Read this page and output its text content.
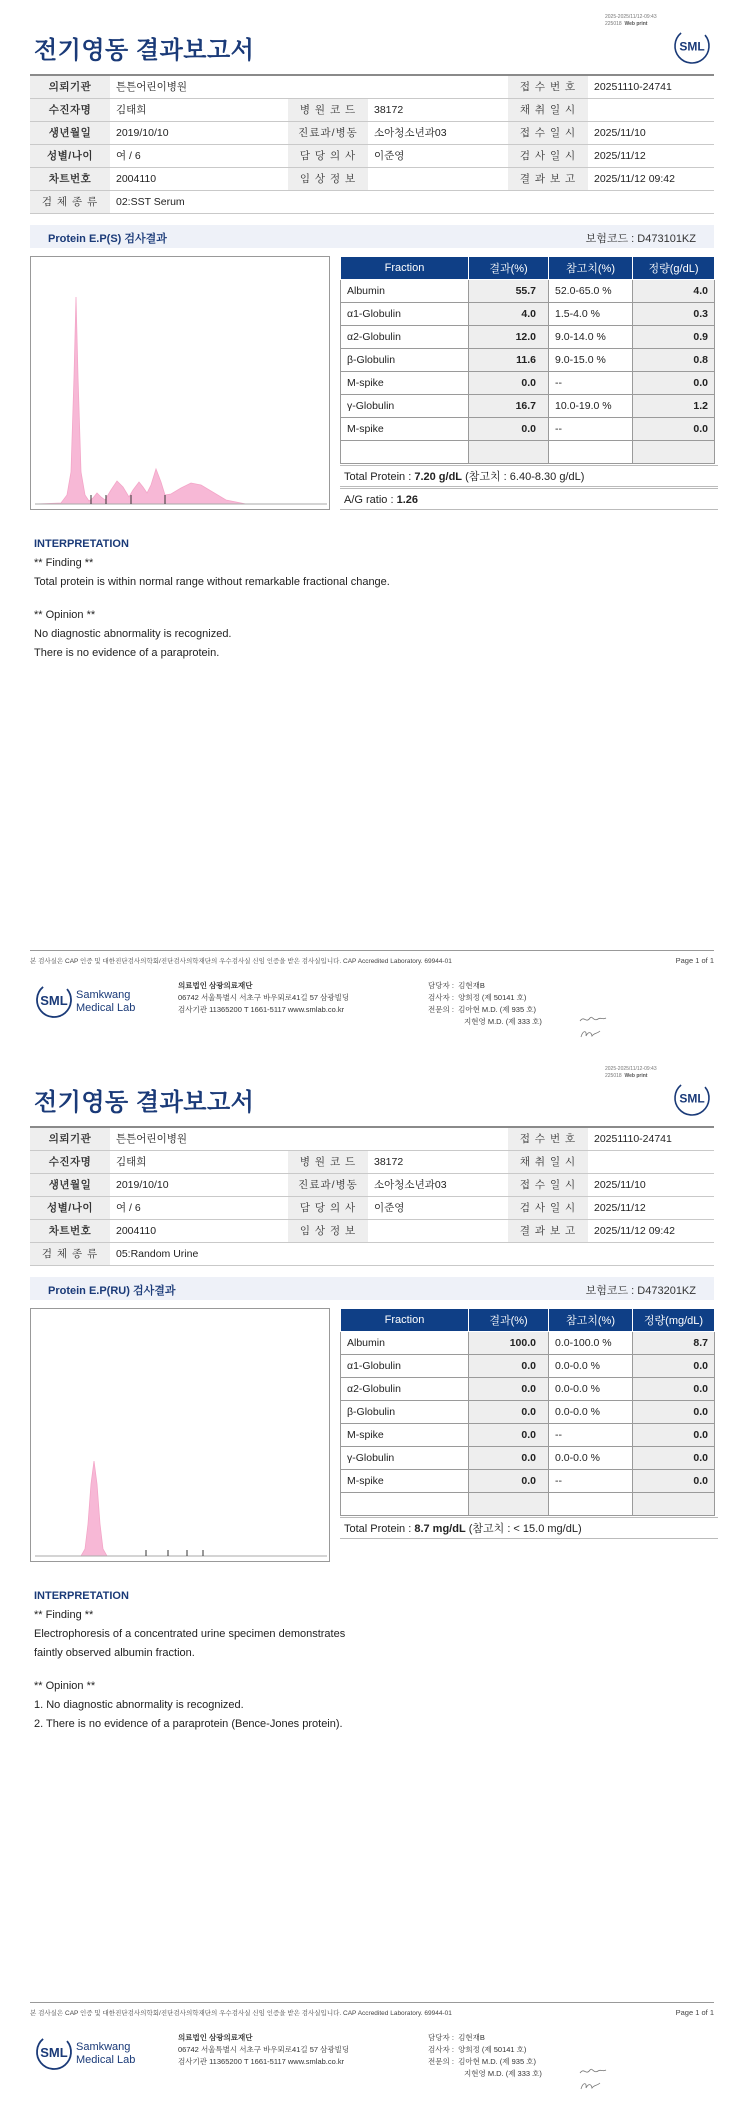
2025-2025/11/12-09:43
225018 Web print
전기영동 결과보고서	SML
의뢰기관	튼튼어린이병원			접 수 번 호	20251110-24741
수진자명	김태희	병 원 코 드	38172	채 취 일 시	
생년월일	2019/10/10	진료과/병동	소아청소년과03	접 수 일 시	2025/11/10
성별/나이	여 / 6	담 당 의 사	이준영	검 사 일 시	2025/11/12
차트번호	2004110	임 상 정 보		결 과 보 고	2025/11/12 09:42
검 체 종 류	02:SST Serum				
Protein E.P(S) 검사결과	보험코드 : D473101KZ
Fraction	결과(%)	참고치(%)	정량(g/dL)
Albumin	55.7	52.0-65.0 %	4.0
α1-Globulin	4.0	1.5-4.0 %	0.3
α2-Globulin	12.0	9.0-14.0 %	0.9
β-Globulin	11.6	9.0-15.0 %	0.8
M-spike	0.0	--	0.0
γ-Globulin	16.7	10.0-19.0 %	1.2
M-spike	0.0	--	0.0

Total Protein : 7.20 g/dL (참고치 : 6.40-8.30 g/dL)
A/G ratio : 1.26
INTERPRETATION
** Finding **
Total protein is within normal range without remarkable fractional change.
** Opinion **
No diagnostic abnormality is recognized.
There is no evidence of a paraprotein.
본 검사실은 CAP 인증 및 대한진단검사의학회/진단검사의학재단의 우수검사실 신임 인증을 받은 검사실입니다. CAP Accredited Laboratory. 69944-01	Page 1 of 1
SML Samkwang
Medical Lab
의료법인 삼광의료재단
06742 서울특별시 서초구 바우뫼로41길 57 삼광빌딩
검사기관 11365200 T 1661-5117 www.smlab.co.kr
담당자 : 김현재B
검사자 : 양희정 (제 50141 호)
전문의 : 김아현 M.D. (제 935 호)
지현영 M.D. (제 333 호)
2025-2025/11/12-09:43
225018 Web print
전기영동 결과보고서	SML
의뢰기관	튼튼어린이병원			접 수 번 호	20251110-24741
수진자명	김태희	병 원 코 드	38172	채 취 일 시	
생년월일	2019/10/10	진료과/병동	소아청소년과03	접 수 일 시	2025/11/10
성별/나이	여 / 6	담 당 의 사	이준영	검 사 일 시	2025/11/12
차트번호	2004110	임 상 정 보		결 과 보 고	2025/11/12 09:42
검 체 종 류	05:Random Urine				
Protein E.P(RU) 검사결과	보험코드 : D473201KZ
Fraction	결과(%)	참고치(%)	정량(mg/dL)
Albumin	100.0	0.0-100.0 %	8.7
α1-Globulin	0.0	0.0-0.0 %	0.0
α2-Globulin	0.0	0.0-0.0 %	0.0
β-Globulin	0.0	0.0-0.0 %	0.0
M-spike	0.0	--	0.0
γ-Globulin	0.0	0.0-0.0 %	0.0
M-spike	0.0	--	0.0

Total Protein : 8.7 mg/dL (참고치 : < 15.0 mg/dL)
INTERPRETATION
** Finding **
Electrophoresis of a concentrated urine specimen demonstrates
faintly observed albumin fraction.
** Opinion **
1. No diagnostic abnormality is recognized.
2. There is no evidence of a paraprotein (Bence-Jones protein).
본 검사실은 CAP 인증 및 대한진단검사의학회/진단검사의학재단의 우수검사실 신임 인증을 받은 검사실입니다. CAP Accredited Laboratory. 69944-01	Page 1 of 1
SML Samkwang
Medical Lab
의료법인 삼광의료재단
06742 서울특별시 서초구 바우뫼로41길 57 삼광빌딩
검사기관 11365200 T 1661-5117 www.smlab.co.kr
담당자 : 김현재B
검사자 : 양희정 (제 50141 호)
전문의 : 김아현 M.D. (제 935 호)
지현영 M.D. (제 333 호)
